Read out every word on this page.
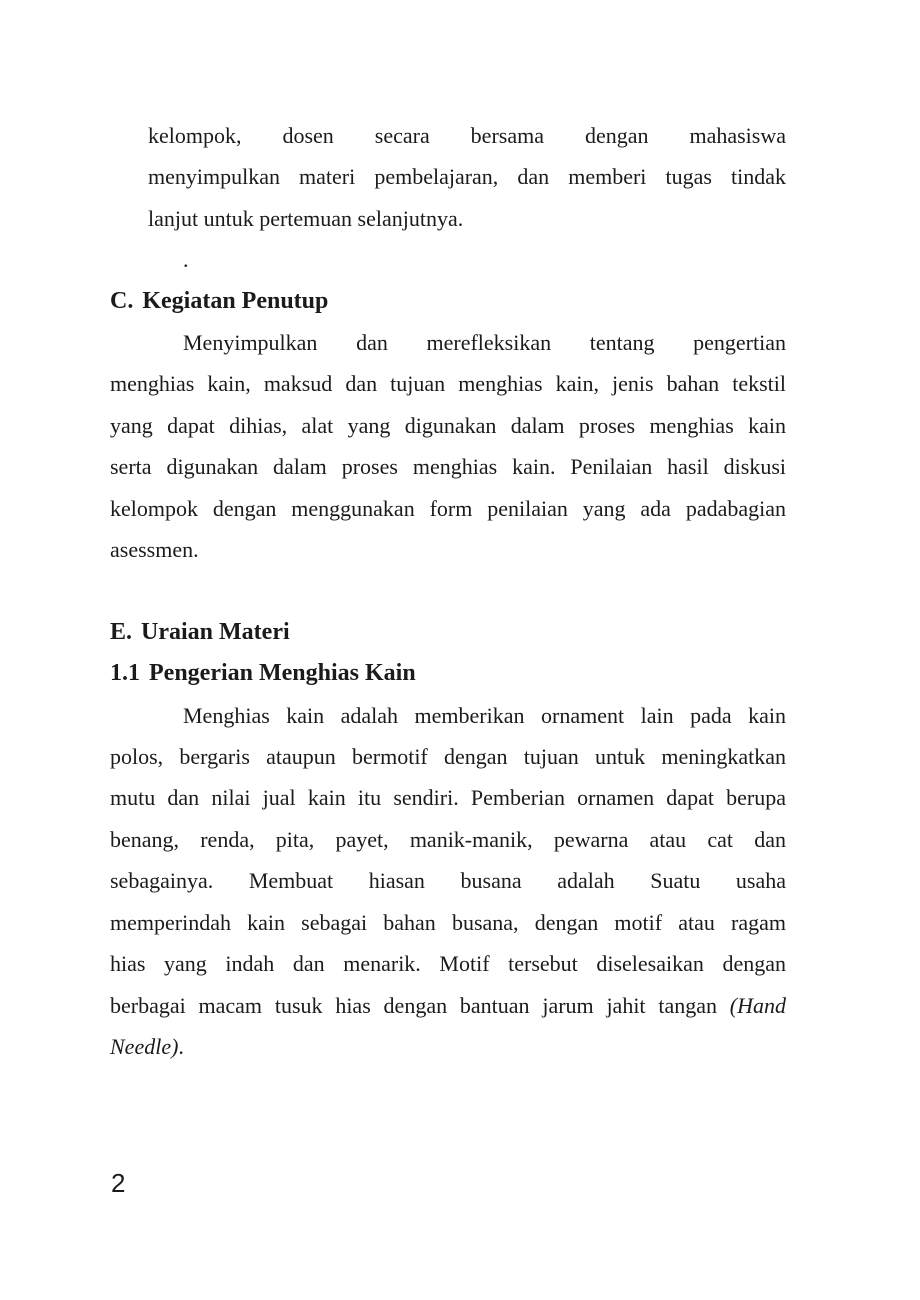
kelompok, dosen secara bersama dengan mahasiswa
menyimpulkan materi pembelajaran, dan memberi tugas tindak
lanjut untuk pertemuan selanjutnya.
.
C. Kegiatan Penutup
Menyimpulkan dan merefleksikan tentang pengertian
menghias kain, maksud dan tujuan menghias kain, jenis bahan tekstil
yang dapat dihias, alat yang digunakan dalam proses menghias kain
serta digunakan dalam proses menghias kain. Penilaian hasil diskusi
kelompok dengan menggunakan form penilaian yang ada padabagian
asessmen.
E. Uraian Materi
1.1 Pengerian Menghias Kain
Menghias kain adalah memberikan ornament lain pada kain
polos, bergaris ataupun bermotif dengan tujuan untuk meningkatkan
mutu dan nilai jual kain itu sendiri. Pemberian ornamen dapat berupa
benang, renda, pita, payet, manik-manik, pewarna atau cat dan
sebagainya. Membuat hiasan busana adalah Suatu usaha
memperindah kain sebagai bahan busana, dengan motif atau ragam
hias yang indah dan menarik. Motif tersebut diselesaikan dengan
berbagai macam tusuk hias dengan bantuan jarum jahit tangan (Hand
Needle).
2
